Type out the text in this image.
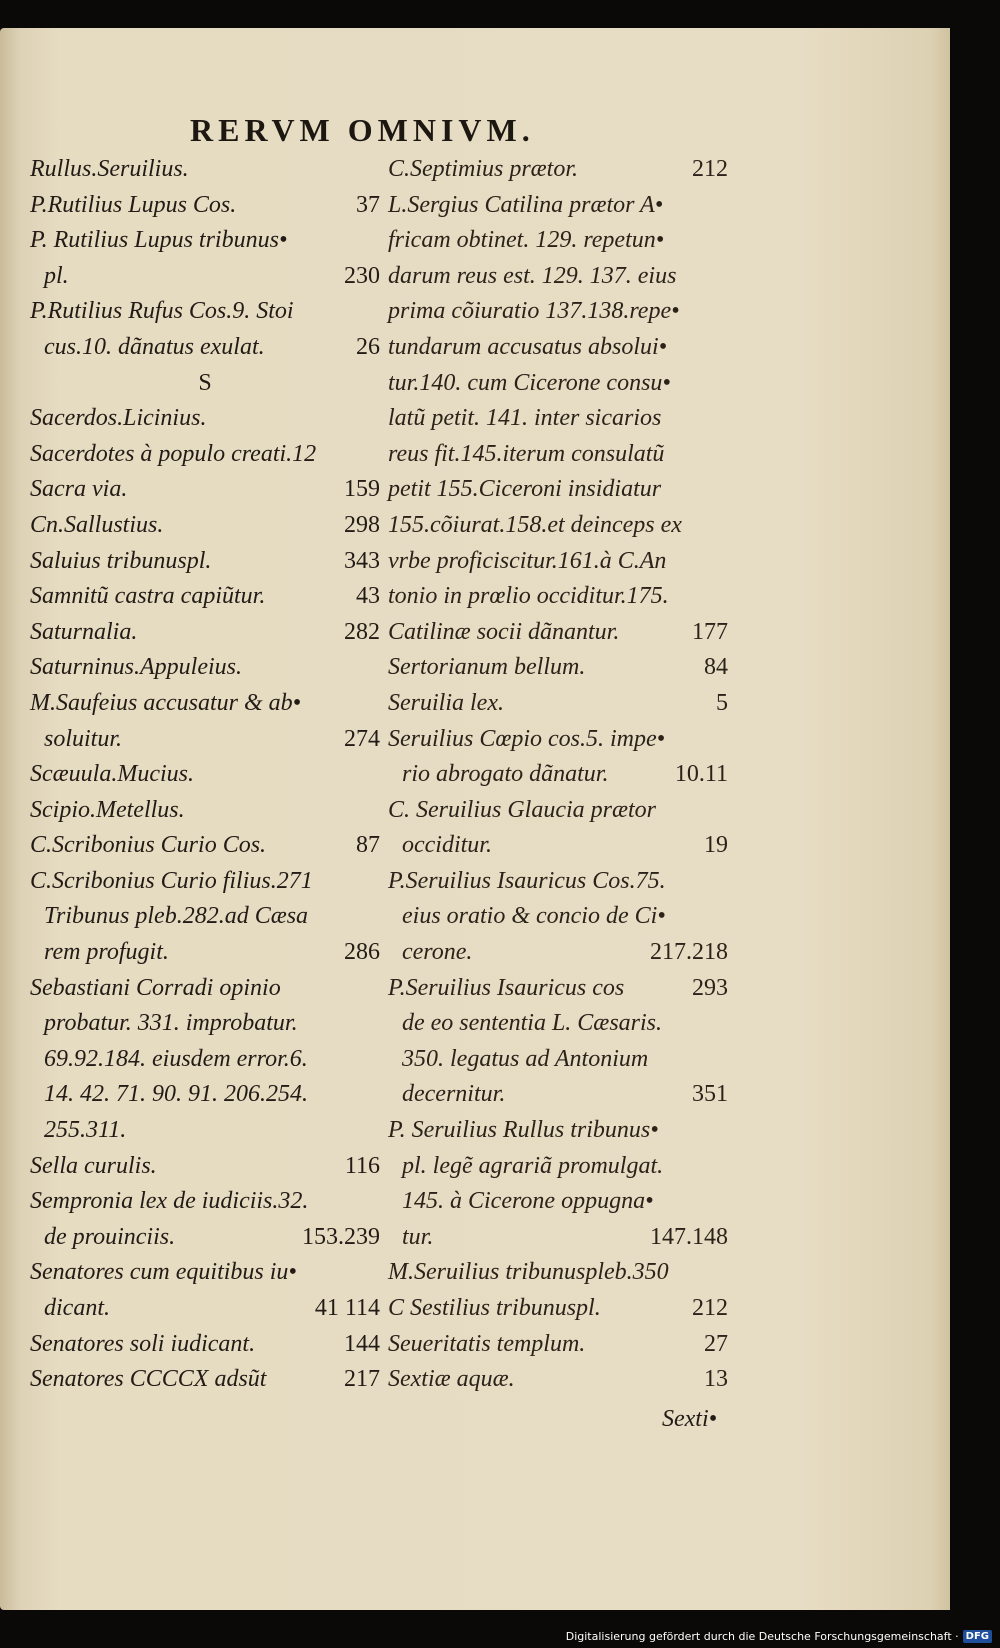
RERVM OMNIVM.
Rullus.Seruilius.
P.Rutilius Lupus Cos.	37
P. Rutilius Lupus tribunus•
pl.	230
P.Rutilius Rufus Cos.9. Stoi
cus.10. dãnatus exulat.	26
S
Sacerdos.Licinius.
Sacerdotes à populo creati.12
Sacra via.	159
Cn.Sallustius.	298
Saluius tribunuspl.	343
Samnitũ castra capiũtur.	43
Saturnalia.	282
Saturninus.Appuleius.
M.Saufeius accusatur & ab•
soluitur.	274
Scæuula.Mucius.
Scipio.Metellus.
C.Scribonius Curio Cos.	87
C.Scribonius Curio filius.271
Tribunus pleb.282.ad Cæsa
rem profugit.	286
Sebastiani Corradi opinio
probatur. 331. improbatur.
69.92.184. eiusdem error.6.
14. 42. 71. 90. 91. 206.254.
255.311.
Sella curulis.	116
Sempronia lex de iudiciis.32.
de prouinciis.	153.239
Senatores cum equitibus iu•
dicant.	41 114
Senatores soli iudicant.	144
Senatores CCCCX adsũt	217
C.Septimius prætor.	212
L.Sergius Catilina prætor A•
fricam obtinet. 129. repetun•
darum reus est. 129. 137. eius
prima cõiuratio 137.138.repe•
tundarum accusatus absolui•
tur.140. cum Cicerone consu•
latũ petit. 141. inter sicarios
reus fit.145.iterum consulatũ
petit 155.Ciceroni insidiatur
155.cõiurat.158.et deinceps ex
vrbe proficiscitur.161.à C.An
tonio in prœlio occiditur.175.
Catilinæ socii dãnantur.	177
Sertorianum bellum.	84
Seruilia lex.	5
Seruilius Cœpio cos.5. impe•
rio abrogato dãnatur.	10.11
C. Seruilius Glaucia prætor
occiditur.	19
P.Seruilius Isauricus Cos.75.
eius oratio & concio de Ci•
cerone.	217.218
P.Seruilius Isauricus cos	293
de eo sententia L. Cæsaris.
350. legatus ad Antonium
decernitur.	351
P. Seruilius Rullus tribunus•
pl. legẽ agrariã promulgat.
145. à Cicerone oppugna•
tur.	147.148
M.Seruilius tribunuspleb.350
C Sestilius tribunuspl.	212
Seueritatis templum.	27
Sextiæ aquæ.	13
Sexti•
Digitalisierung gefördert durch die Deutsche Forschungsgemeinschaft · DFG
